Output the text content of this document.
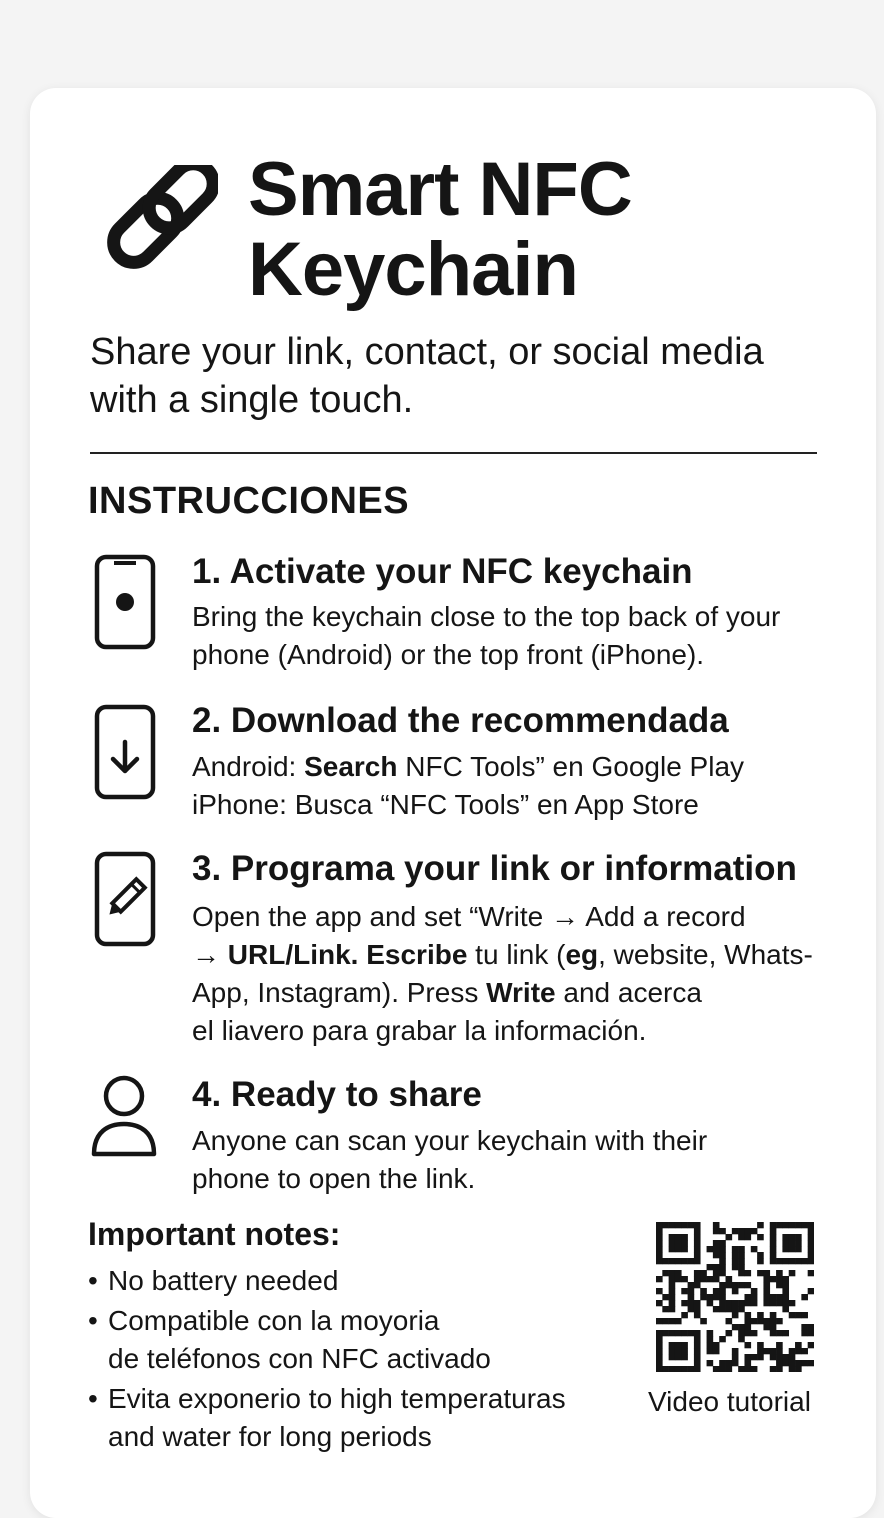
Smart NFC
Keychain

Share your link, contact, or social media
with a single touch.

INSTRUCCIONES
1. Activate your NFC keychain
Bring the keychain close to the top back of your
phone (Android) or the top front (iPhone).
2. Download the recommendada
Android: Search NFC Tools” en Google Play
iPhone: Busca “NFC Tools” en App Store
3. Programa your link or information
Open the app and set “Write → Add a record
→ URL/Link. Escribe tu link (eg, website, Whats-
App, Instagram). Press Write and acerca
el liavero para grabar la información.
4. Ready to share
Anyone can scan your keychain with their
phone to open the link.
Important notes:
• No battery needed
• Compatible con la moyoria
de teléfonos con NFC activado
• Evita exponerio to high temperaturas
and water for long periods
Video tutorial
